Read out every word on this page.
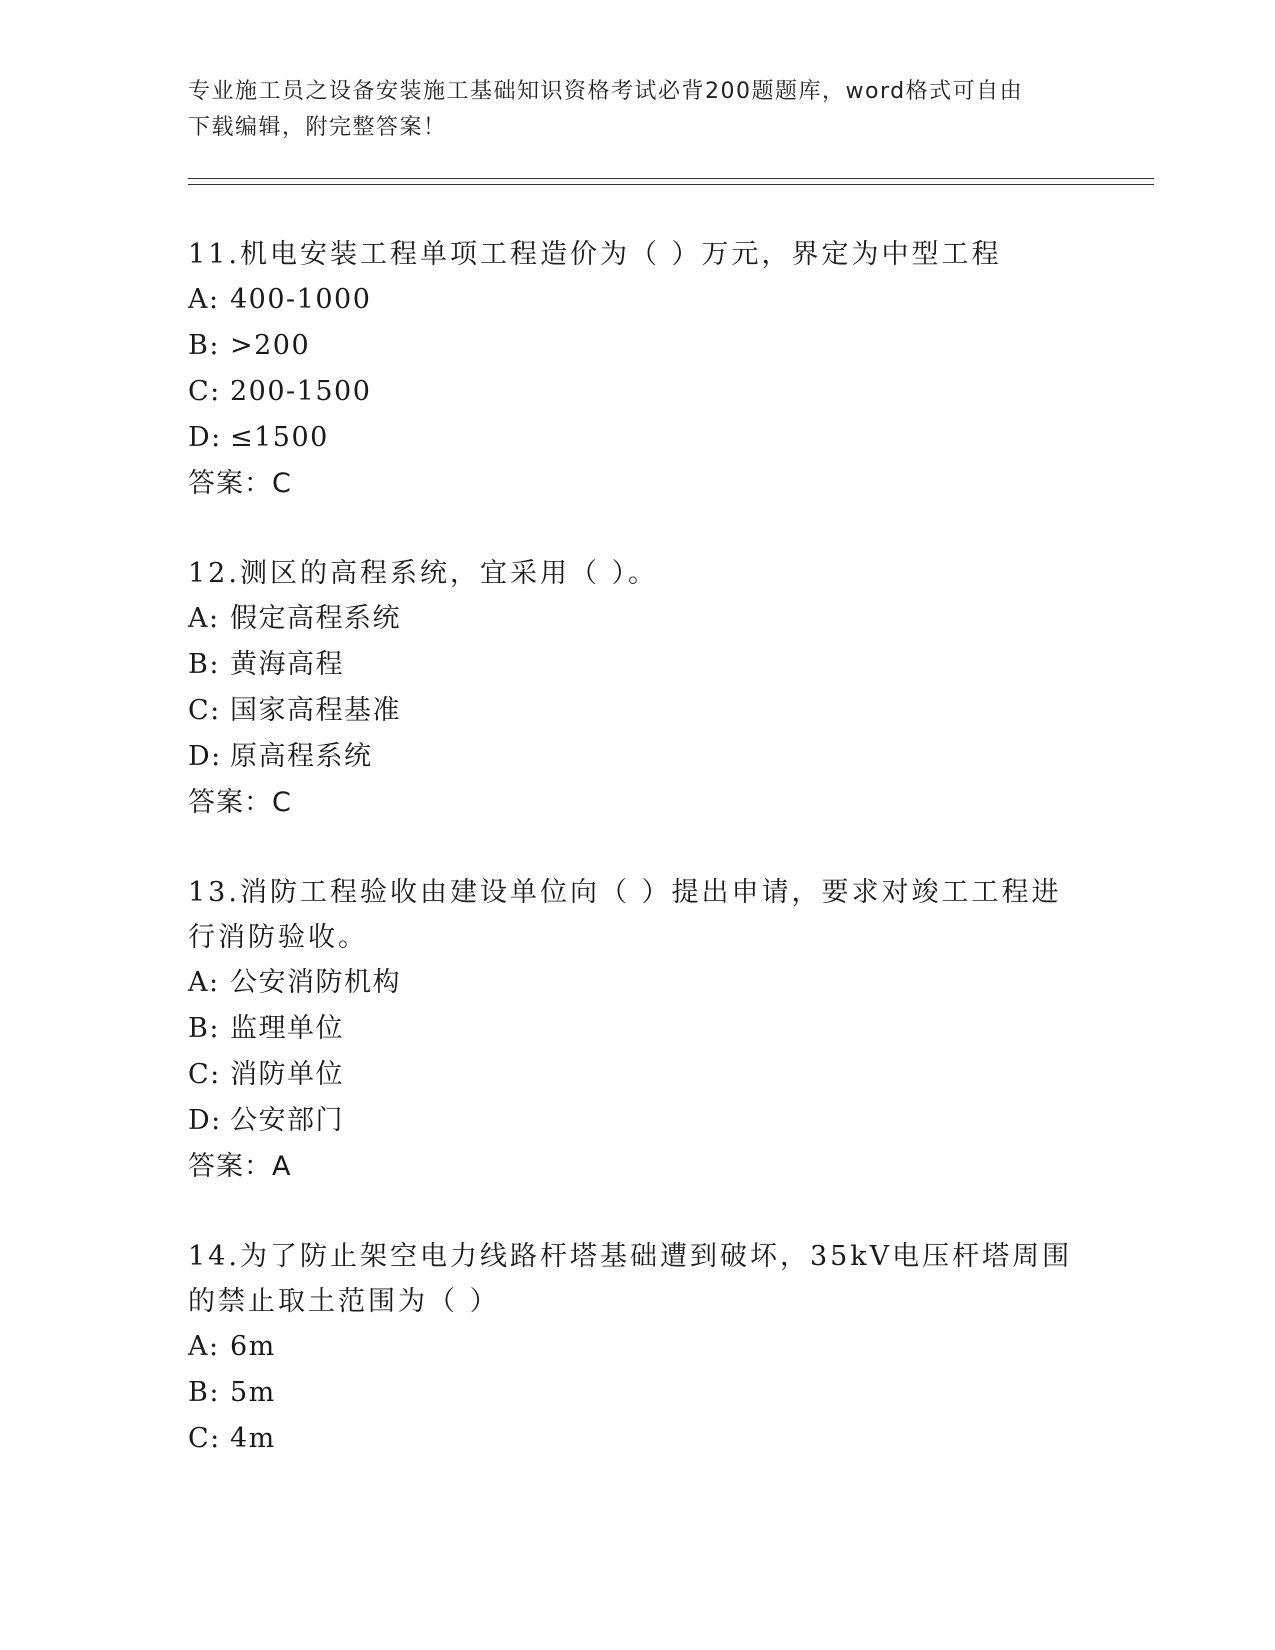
专业施工员之设备安装施工基础知识资格考试必背200题题库，word格式可自由
下载编辑，附完整答案！
11.机电安装工程单项工程造价为（ ）万元，界定为中型工程
A: 400-1000
B: >200
C: 200-1500
D: ≤1500
答案：C
12.测区的高程系统，宜采用（ ）。
A: 假定高程系统
B: 黄海高程
C: 国家高程基准
D: 原高程系统
答案：C
13.消防工程验收由建设单位向（ ）提出申请，要求对竣工工程进行消防验收。
A: 公安消防机构
B: 监理单位
C: 消防单位
D: 公安部门
答案：A
14.为了防止架空电力线路杆塔基础遭到破坏，35kV电压杆塔周围的禁止取土范围为（ ）
A: 6m
B: 5m
C: 4m
